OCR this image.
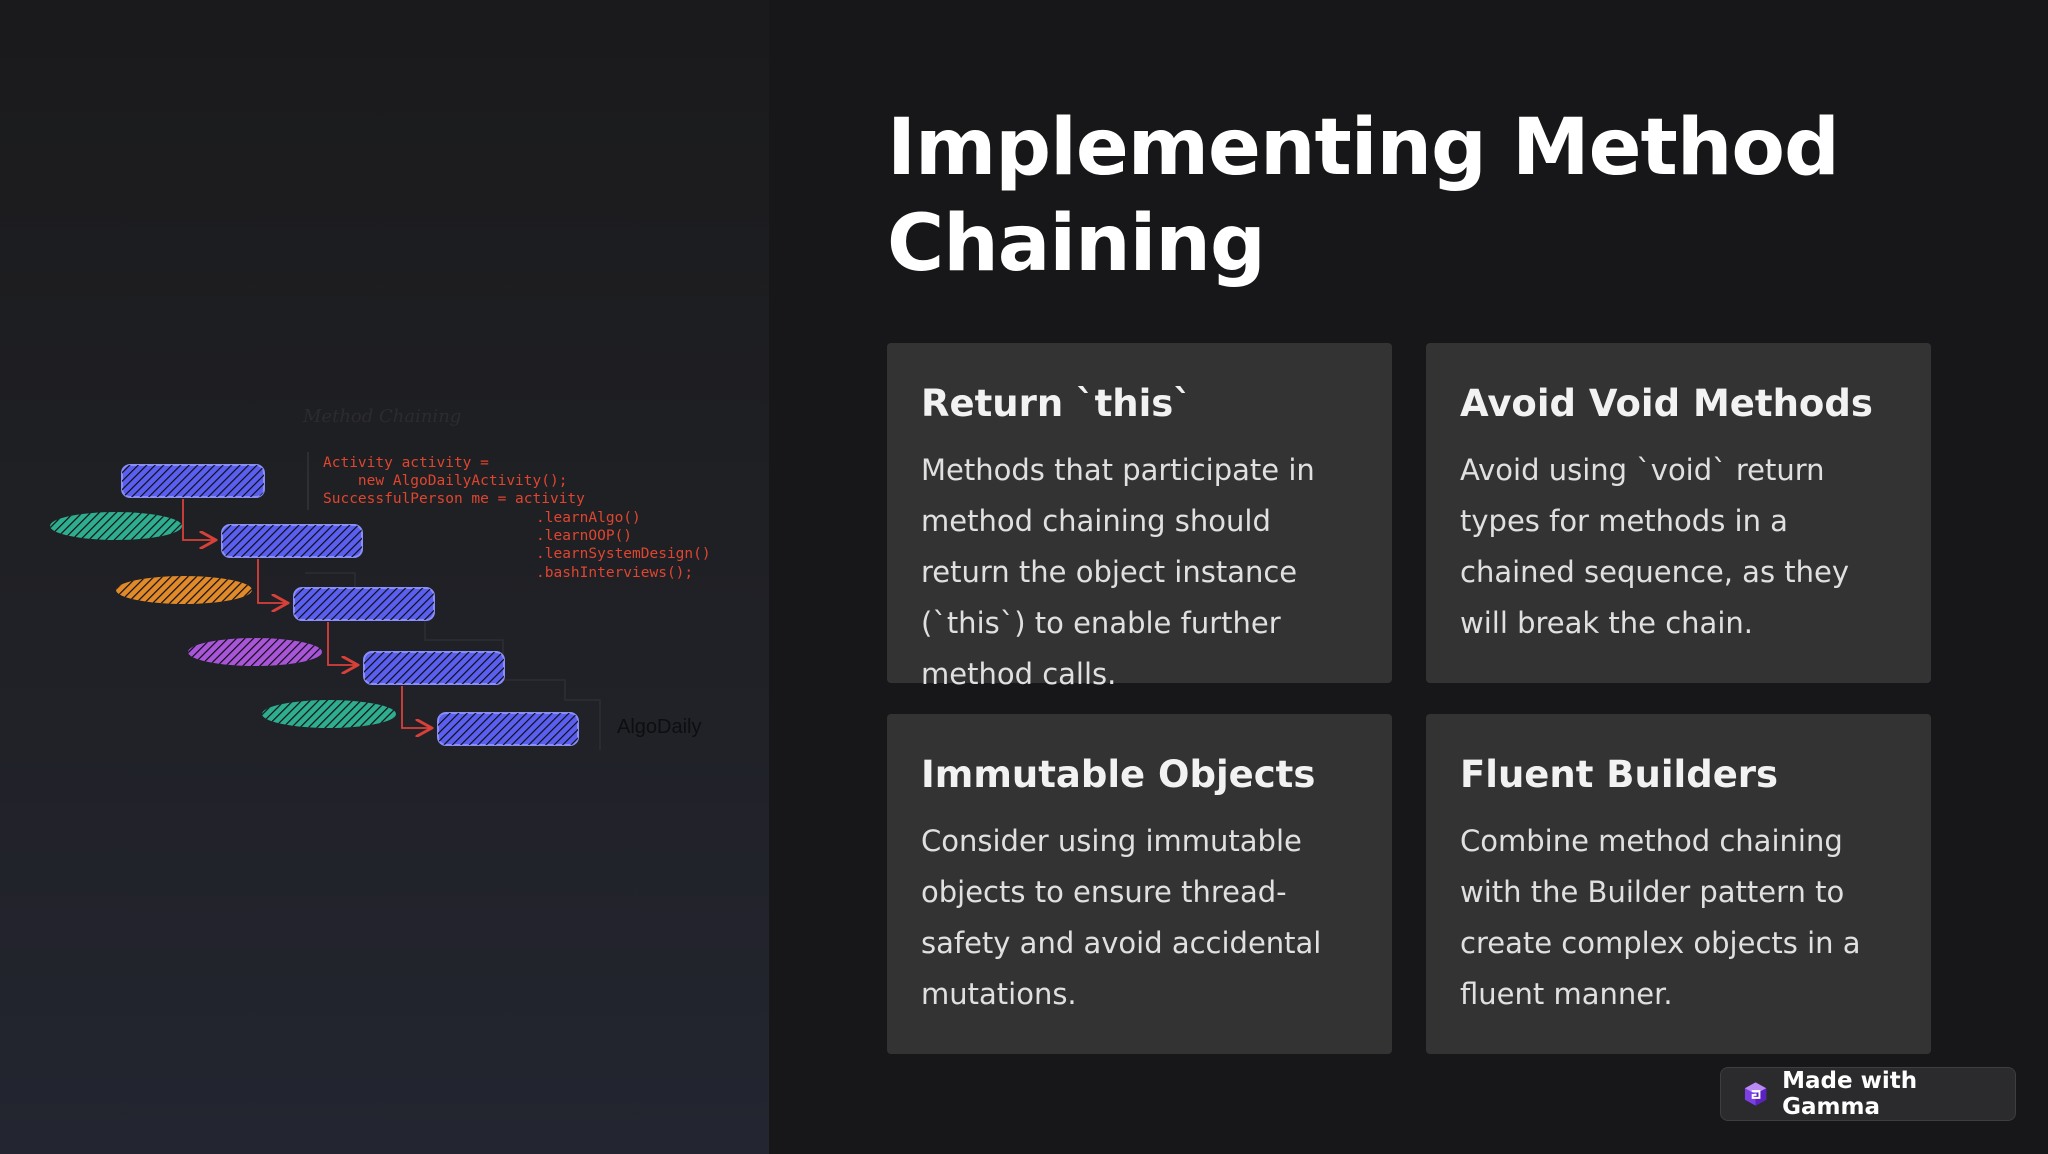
Method Chaining
Activity activity =
new AlgoDailyActivity();
SuccessfulPerson me = activity
.learnAlgo()
.learnOOP()
.learnSystemDesign()
.bashInterviews();
AlgoDaily
Implementing Method Chaining
Return `this`

Methods that participate in method chaining should return the object instance (`this`) to enable further method calls.

Avoid Void Methods

Avoid using `void` return types for methods in a chained sequence, as they will break the chain.

Immutable Objects

Consider using immutable objects to ensure thread-safety and avoid accidental mutations.

Fluent Builders

Combine method chaining with the Builder pattern to create complex objects in a fluent manner.

Made with Gamma
